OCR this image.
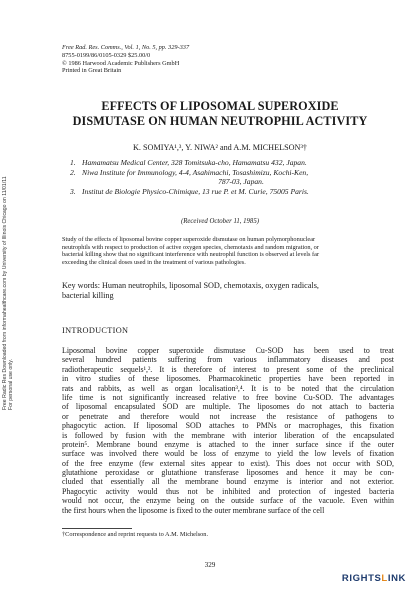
Free Radic Res Downloaded from informahealthcare.com by University of Illinois Chicago on 11/01/11 For personal use only.
Free Rad. Res. Comms., Vol. 1, No. 5, pp. 329-337
8755-0199/86/0105-0329 $25.00/0
© 1986 Harwood Academic Publishers GmbH
Printed in Great Britain
EFFECTS OF LIPOSOMAL SUPEROXIDE
DISMUTASE ON HUMAN NEUTROPHIL ACTIVITY
K. SOMIYA¹,³, Y. NIWA² and A.M. MICHELSON³†
1. Hamamatsu Medical Center, 328 Tomitsuka-cho, Hamamatsu 432, Japan.
2. Niwa Institute for Immunology, 4-4, Asahimachi, Tosashimizu, Kochi-Ken,
787-03, Japan.
3. Institut de Biologie Physico-Chimique, 13 rue P. et M. Curie, 75005 Paris.
(Received October 11, 1985)
Study of the effects of liposomal bovine copper superoxide dismutase on human polymorphonuclear
neutrophils with respect to production of active oxygen species, chemotaxis and random migration, or
bacterial killing show that no significant interference with neutrophil function is observed at levels far
exceeding the clinical doses used in the treatment of various pathologies.
Key words: Human neutrophils, liposomal SOD, chemotaxis, oxygen radicals,
bacterial killing
INTRODUCTION
Liposomal bovine copper superoxide dismutase Cu-SOD has been used to treat
several hundred patients suffering from various inflammatory diseases and post
radiotherapeutic sequels¹,². It is therefore of interest to present some of the preclinical
in vitro studies of these liposomes. Pharmacokinetic properties have been reported in
rats and rabbits, as well as organ localisation³,⁴. It is to be noted that the circulation
life time is not significantly increased relative to free bovine Cu-SOD. The advantages
of liposomal encapsulated SOD are multiple. The liposomes do not attach to bacteria
or penetrate and therefore would not increase the resistance of pathogens to
phagocytic action. If liposomal SOD attaches to PMNs or macrophages, this fixation
is followed by fusion with the membrane with interior liberation of the encapsulated
protein⁵. Membrane bound enzyme is attached to the inner surface since if the outer
surface was involved there would be loss of enzyme to yield the low levels of fixation
of the free enzyme (few external sites appear to exist). This does not occur with SOD,
glutathione peroxidase or glutathione transferase liposomes and hence it may be con-
cluded that essentially all the membrane bound enzyme is interior and not exterior.
Phagocytic activity would thus not be inhibited and protection of ingested bacteria
would not occur, the enzyme being on the outside surface of the vacuole. Even within
the first hours when the liposome is fixed to the outer membrane surface of the cell
†Correspondence and reprint requests to A.M. Michelson.
329
RIGHTSLINK
